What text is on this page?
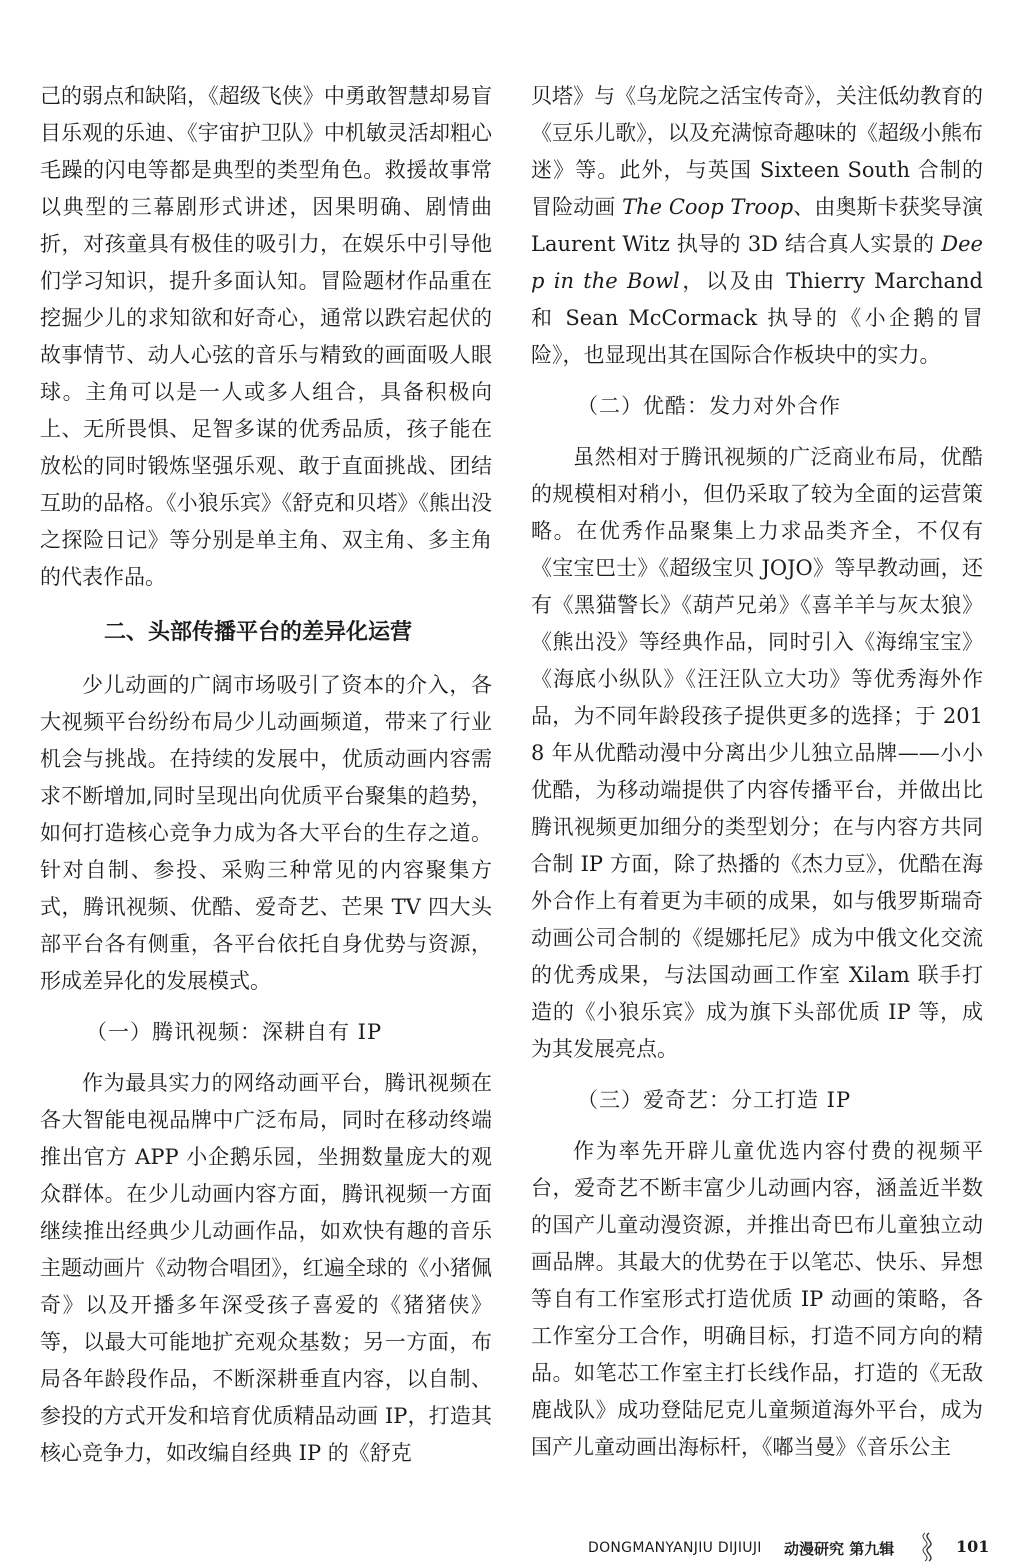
己的弱点和缺陷，《超级飞侠》中勇敢智慧却易盲目乐观的乐迪、《宇宙护卫队》中机敏灵活却粗心毛躁的闪电等都是典型的类型角色。救援故事常以典型的三幕剧形式讲述，因果明确、剧情曲折，对孩童具有极佳的吸引力，在娱乐中引导他们学习知识，提升多面认知。冒险题材作品重在挖掘少儿的求知欲和好奇心，通常以跌宕起伏的故事情节、动人心弦的音乐与精致的画面吸人眼球。主角可以是一人或多人组合，具备积极向上、无所畏惧、足智多谋的优秀品质，孩子能在放松的同时锻炼坚强乐观、敢于直面挑战、团结互助的品格。《小狼乐宾》《舒克和贝塔》《熊出没之探险日记》等分别是单主角、双主角、多主角的代表作品。

二、头部传播平台的差异化运营

少儿动画的广阔市场吸引了资本的介入，各大视频平台纷纷布局少儿动画频道，带来了行业机会与挑战。在持续的发展中，优质动画内容需求不断增加,同时呈现出向优质平台聚集的趋势，如何打造核心竞争力成为各大平台的生存之道。针对自制、参投、采购三种常见的内容聚集方式，腾讯视频、优酷、爱奇艺、芒果 TV 四大头部平台各有侧重，各平台依托自身优势与资源，形成差异化的发展模式。

（一）腾讯视频：深耕自有 IP

作为最具实力的网络动画平台，腾讯视频在各大智能电视品牌中广泛布局，同时在移动终端推出官方 APP 小企鹅乐园，坐拥数量庞大的观众群体。在少儿动画内容方面，腾讯视频一方面继续推出经典少儿动画作品，如欢快有趣的音乐主题动画片《动物合唱团》，红遍全球的《小猪佩奇》以及开播多年深受孩子喜爱的《猪猪侠》等，以最大可能地扩充观众基数；另一方面，布局各年龄段作品，不断深耕垂直内容，以自制、参投的方式开发和培育优质精品动画 IP，打造其核心竞争力，如改编自经典 IP 的《舒克

贝塔》与《乌龙院之活宝传奇》，关注低幼教育的《豆乐儿歌》，以及充满惊奇趣味的《超级小熊布迷》等。此外，与英国 Sixteen South 合制的冒险动画 The Coop Troop、由奥斯卡获奖导演 Laurent Witz 执导的 3D 结合真人实景的 Deep in the Bowl，以及由 Thierry Marchand 和 Sean McCormack 执导的《小企鹅的冒险》，也显现出其在国际合作板块中的实力。

（二）优酷：发力对外合作

虽然相对于腾讯视频的广泛商业布局，优酷的规模相对稍小，但仍采取了较为全面的运营策略。在优秀作品聚集上力求品类齐全，不仅有《宝宝巴士》《超级宝贝 JOJO》等早教动画，还有《黑猫警长》《葫芦兄弟》《喜羊羊与灰太狼》《熊出没》等经典作品，同时引入《海绵宝宝》《海底小纵队》《汪汪队立大功》等优秀海外作品，为不同年龄段孩子提供更多的选择；于 2018 年从优酷动漫中分离出少儿独立品牌——小小优酷，为移动端提供了内容传播平台，并做出比腾讯视频更加细分的类型划分；在与内容方共同合制 IP 方面，除了热播的《杰力豆》，优酷在海外合作上有着更为丰硕的成果，如与俄罗斯瑞奇动画公司合制的《缇娜托尼》成为中俄文化交流的优秀成果，与法国动画工作室 Xilam 联手打造的《小狼乐宾》成为旗下头部优质 IP 等，成为其发展亮点。

（三）爱奇艺：分工打造 IP

作为率先开辟儿童优选内容付费的视频平台，爱奇艺不断丰富少儿动画内容，涵盖近半数的国产儿童动漫资源，并推出奇巴布儿童独立动画品牌。其最大的优势在于以笔芯、快乐、异想等自有工作室形式打造优质 IP 动画的策略，各工作室分工合作，明确目标，打造不同方向的精品。如笔芯工作室主打长线作品，打造的《无敌鹿战队》成功登陆尼克儿童频道海外平台，成为国产儿童动画出海标杆，《嘟当曼》《音乐公主

DONGMANYANJIU DIJIUJI 动漫研究 第九辑	101
